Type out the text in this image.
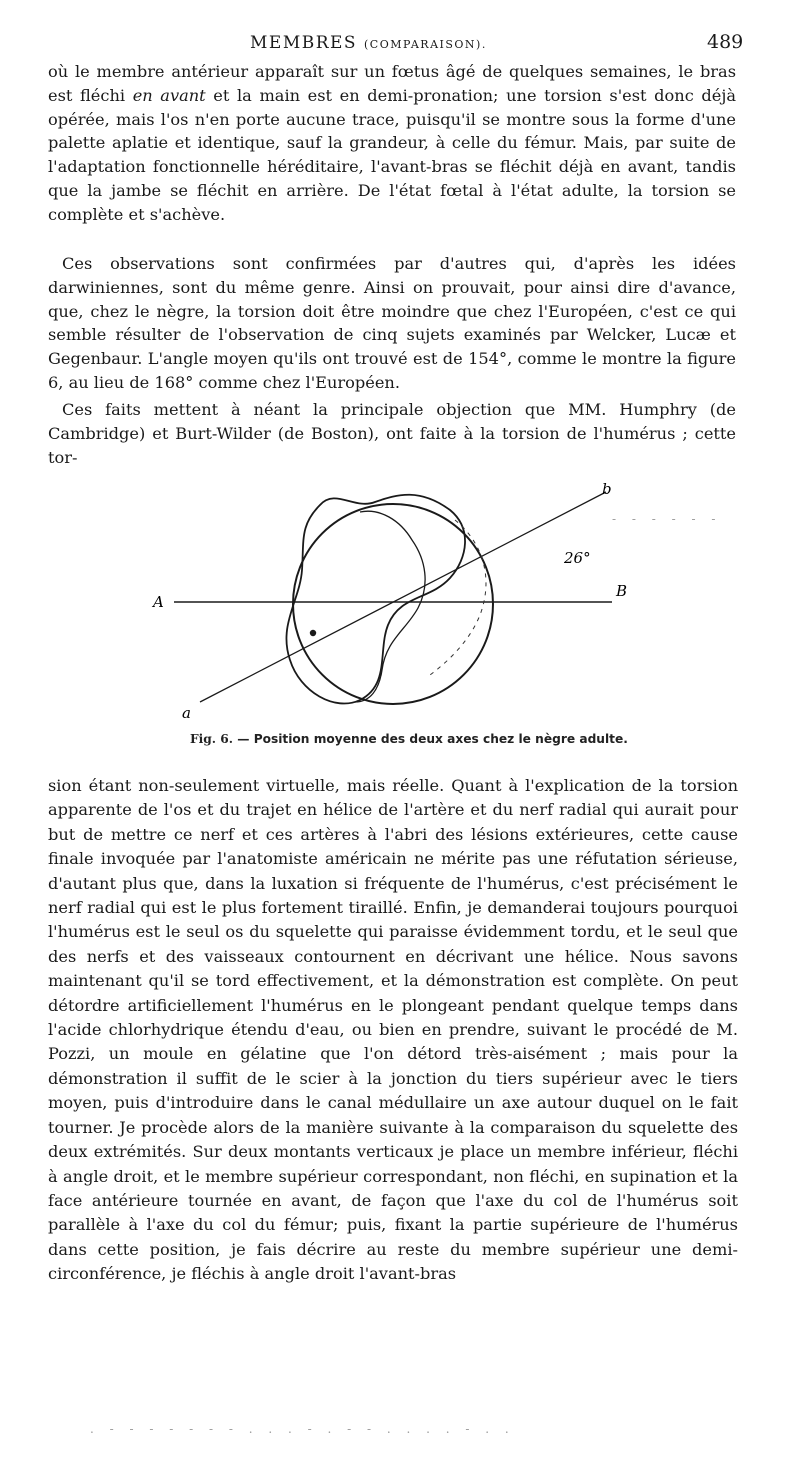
MEMBRES (COMPARAISON).	489

où le membre antérieur apparaît sur un fœtus âgé de quelques semaines, le bras est fléchi en avant et la main est en demi-pronation; une torsion s'est donc déjà opérée, mais l'os n'en porte aucune trace, puisqu'il se montre sous la forme d'une palette aplatie et identique, sauf la grandeur, à celle du fémur. Mais, par suite de l'adaptation fonctionnelle héréditaire, l'avant-bras se fléchit déjà en avant, tandis que la jambe se fléchit en arrière. De l'état fœtal à l'état adulte, la torsion se complète et s'achève.

Ces observations sont confirmées par d'autres qui, d'après les idées darwiniennes, sont du même genre. Ainsi on prouvait, pour ainsi dire d'avance, que, chez le nègre, la torsion doit être moindre que chez l'Européen, c'est ce qui semble résulter de l'observation de cinq sujets examinés par Welcker, Lucæ et Gegenbaur. L'angle moyen qu'ils ont trouvé est de 154°, comme le montre la figure 6, au lieu de 168° comme chez l'Européen.

Ces faits mettent à néant la principale objection que MM. Humphry (de Cambridge) et Burt-Wilder (de Boston), ont faite à la torsion de l'humérus ; cette tor-

A
B
a
b
26°
Fig. 6. — Position moyenne des deux axes chez le nègre adulte.

sion étant non-seulement virtuelle, mais réelle. Quant à l'explication de la torsion apparente de l'os et du trajet en hélice de l'artère et du nerf radial qui aurait pour but de mettre ce nerf et ces artères à l'abri des lésions extérieures, cette cause finale invoquée par l'anatomiste américain ne mérite pas une réfutation sérieuse, d'autant plus que, dans la luxation si fréquente de l'humérus, c'est précisément le nerf radial qui est le plus fortement tiraillé. Enfin, je demanderai toujours pourquoi l'humérus est le seul os du squelette qui paraisse évidemment tordu, et le seul que des nerfs et des vaisseaux contournent en décrivant une hélice. Nous savons maintenant qu'il se tord effectivement, et la démonstration est complète. On peut détordre artificiellement l'humérus en le plongeant pendant quelque temps dans l'acide chlorhydrique étendu d'eau, ou bien en prendre, suivant le procédé de M. Pozzi, un moule en gélatine que l'on détord très-aisément ; mais pour la démonstration il suffit de le scier à la jonction du tiers supérieur avec le tiers moyen, puis d'introduire dans le canal médullaire un axe autour duquel on le fait tourner. Je procède alors de la manière suivante à la comparaison du squelette des deux extrémités. Sur deux montants verticaux je place un membre inférieur, fléchi à angle droit, et le membre supérieur correspondant, non fléchi, en supination et la face antérieure tournée en avant, de façon que l'axe du col de l'humérus soit parallèle à l'axe du col du fémur; puis, fixant la partie supérieure de l'humérus dans cette position, je fais décrire au reste du membre supérieur une demi-circonférence, je fléchis à angle droit l'avant-bras

- - - - - -
. - - - - - - - . . . - . - - . . . . - . .
